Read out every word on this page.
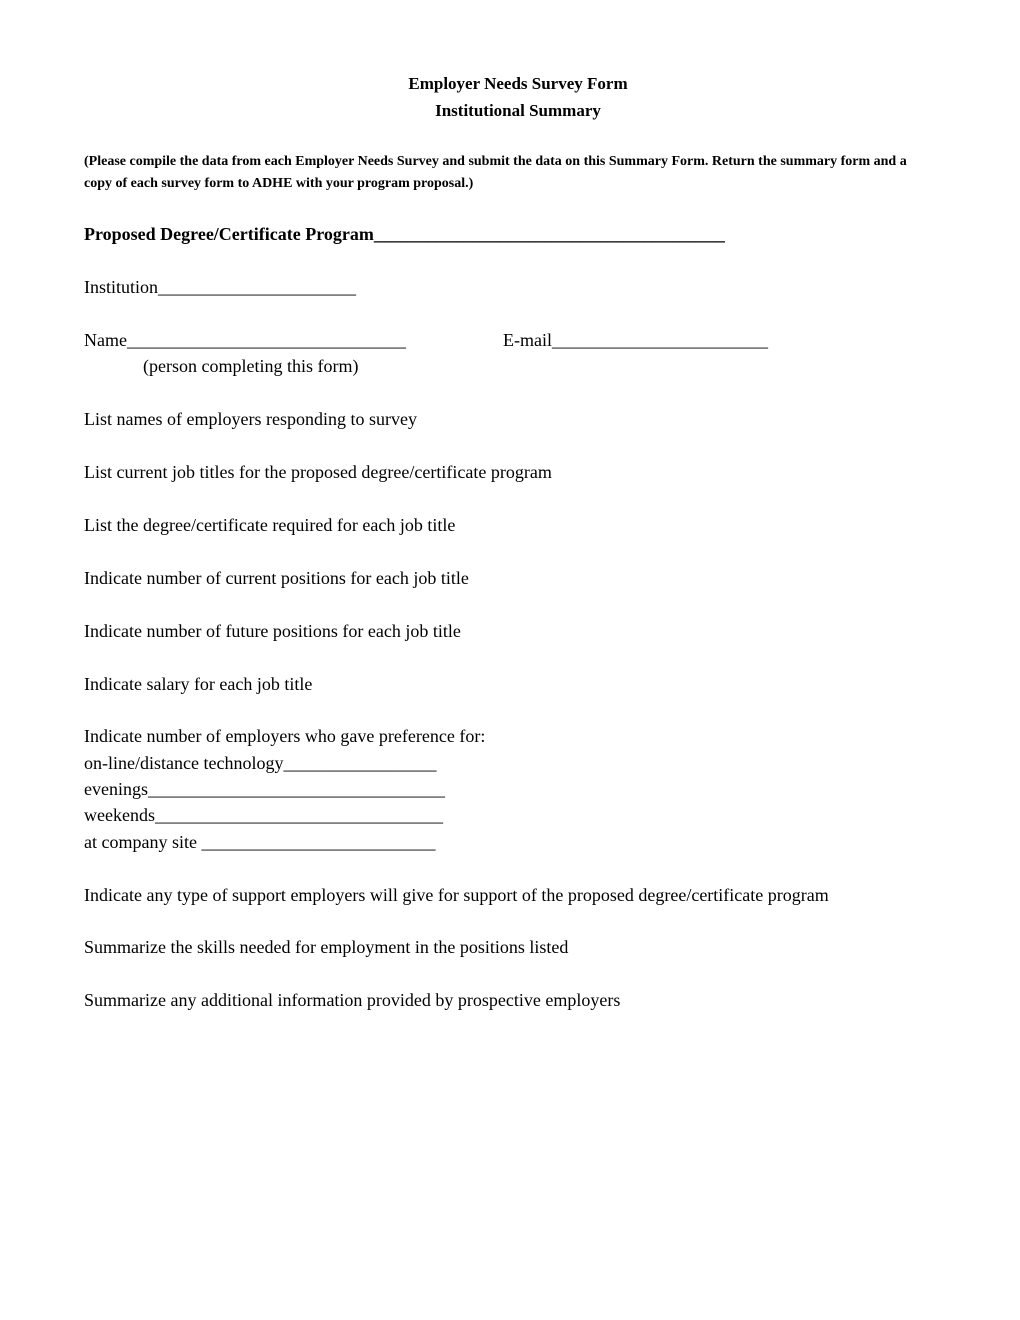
Employer Needs Survey Form
Institutional Summary
(Please compile the data from each Employer Needs Survey and submit the data on this Summary Form. Return the summary form and a copy of each survey form to ADHE with your program proposal.)
Proposed Degree/Certificate Program_______________________________________
Institution______________________
Name_______________________________	E-mail________________________
(person completing this form)
List names of employers responding to survey
List current job titles for the proposed degree/certificate program
List the degree/certificate required for each job title
Indicate number of current positions for each job title
Indicate number of future positions for each job title
Indicate salary for each job title
Indicate number of employers who gave preference for:
on-line/distance technology_________________
evenings_________________________________
weekends________________________________
at company site __________________________
Indicate any type of support employers will give for support of the proposed degree/certificate program
Summarize the skills needed for employment in the positions listed
Summarize any additional information provided by prospective employers
